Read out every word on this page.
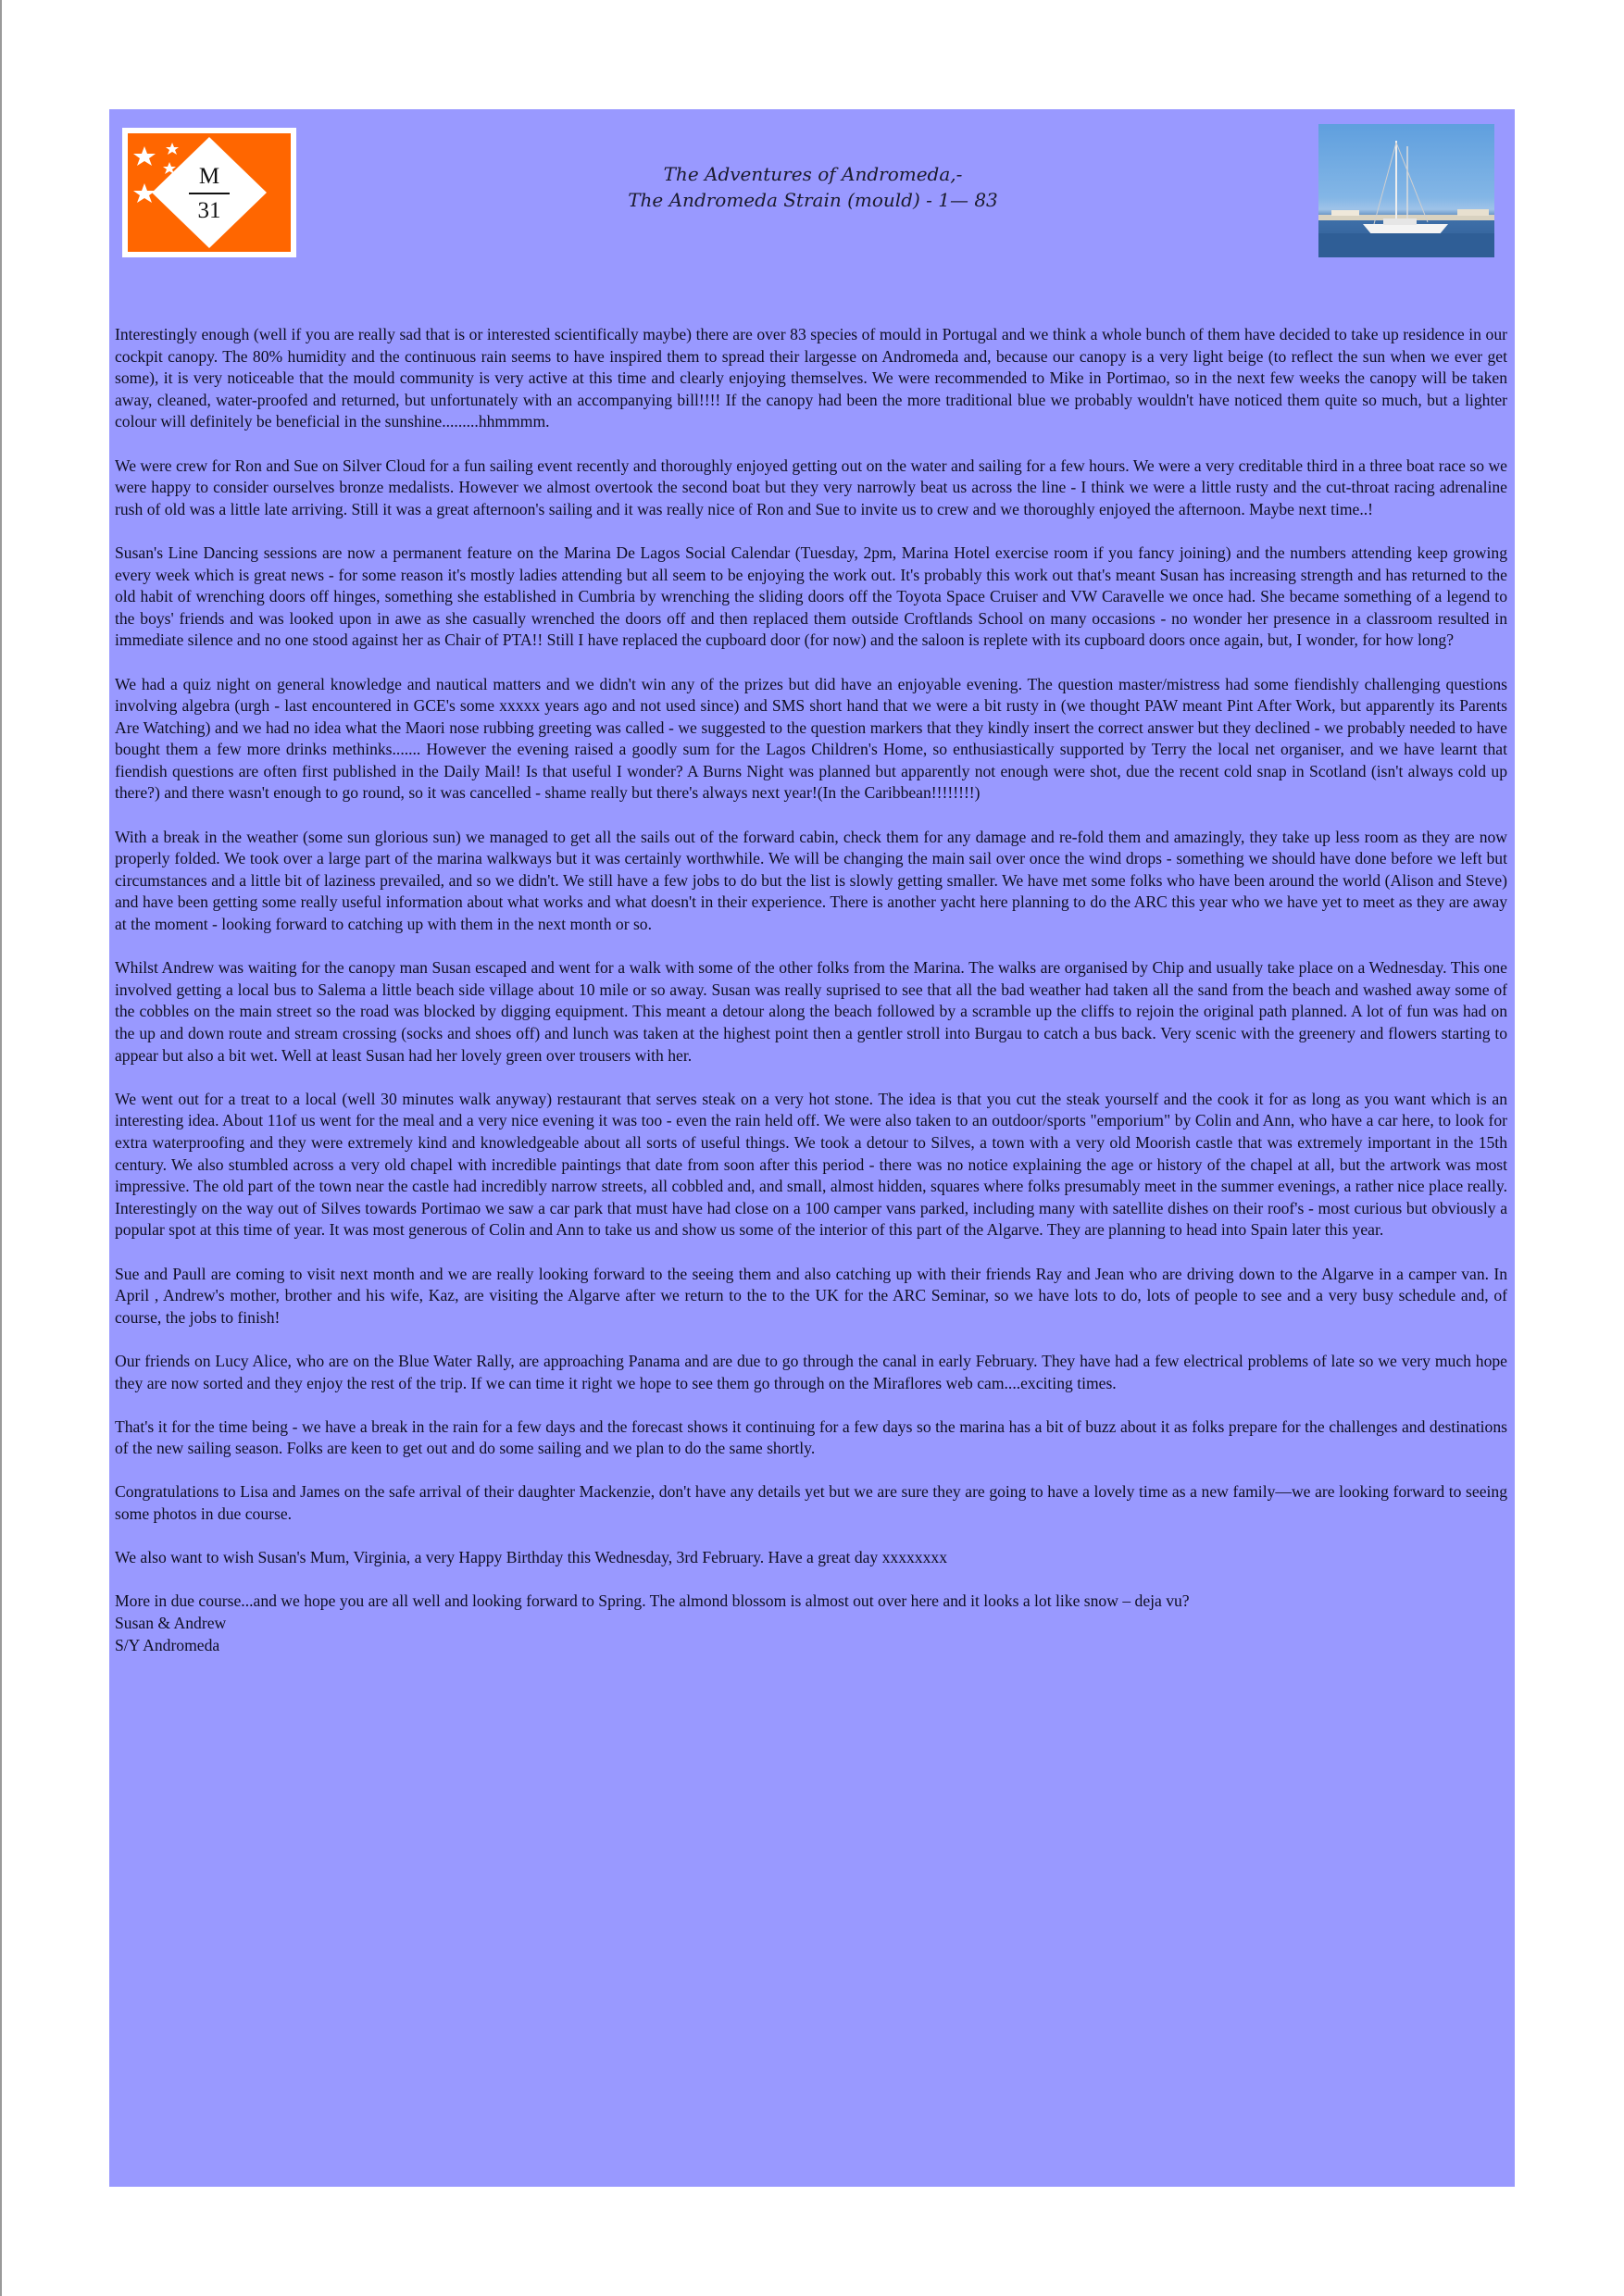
M
31
The Adventures of Andromeda,-
The Andromeda Strain (mould) - 1— 83

Interestingly enough (well if you are really sad that is or interested scientifically maybe) there are over 83 species of mould in Portugal and we think a whole bunch of them have decided to take up residence in our cockpit canopy. The 80% humidity and the continuous rain seems to have inspired them to spread their largesse on Andromeda and, because our canopy is a very light beige (to reflect the sun when we ever get some), it is very noticeable that the mould community is very active at this time and clearly enjoying themselves. We were recommended to Mike in Portimao, so in the next few weeks the canopy will be taken away, cleaned, water-proofed and returned, but unfortunately with an accompanying bill!!!! If the canopy had been the more traditional blue we probably wouldn't have noticed them quite so much, but a lighter colour will definitely be beneficial in the sunshine.........hhmmmm.

We were crew for Ron and Sue on Silver Cloud for a fun sailing event recently and thoroughly enjoyed getting out on the water and sailing for a few hours. We were a very creditable third in a three boat race so we were happy to consider ourselves bronze medalists. However we almost overtook the second boat but they very narrowly beat us across the line - I think we were a little rusty and the cut-throat racing adrenaline rush of old was a little late arriving. Still it was a great afternoon's sailing and it was really nice of Ron and Sue to invite us to crew and we thoroughly enjoyed the afternoon. Maybe next time..!

Susan's Line Dancing sessions are now a permanent feature on the Marina De Lagos Social Calendar (Tuesday, 2pm, Marina Hotel exercise room if you fancy joining) and the numbers attending keep growing every week which is great news - for some reason it's mostly ladies attending but all seem to be enjoying the work out. It's probably this work out that's meant Susan has increasing strength and has returned to the old habit of wrenching doors off hinges, something she established in Cumbria by wrenching the sliding doors off the Toyota Space Cruiser and VW Caravelle we once had. She became something of a legend to the boys' friends and was looked upon in awe as she casually wrenched the doors off and then replaced them outside Croftlands School on many occasions - no wonder her presence in a classroom resulted in immediate silence and no one stood against her as Chair of PTA!! Still I have replaced the cupboard door (for now) and the saloon is replete with its cupboard doors once again, but, I wonder, for how long?

We had a quiz night on general knowledge and nautical matters and we didn't win any of the prizes but did have an enjoyable evening. The question master/mistress had some fiendishly challenging questions involving algebra (urgh - last encountered in GCE's some xxxxx years ago and not used since) and SMS short hand that we were a bit rusty in (we thought PAW meant Pint After Work, but apparently its Parents Are Watching) and we had no idea what the Maori nose rubbing greeting was called - we suggested to the question markers that they kindly insert the correct answer but they declined - we probably needed to have bought them a few more drinks methinks....... However the evening raised a goodly sum for the Lagos Children's Home, so enthusiastically supported by Terry the local net organiser, and we have learnt that fiendish questions are often first published in the Daily Mail! Is that useful I wonder? A Burns Night was planned but apparently not enough were shot, due the recent cold snap in Scotland (isn't always cold up there?) and there wasn't enough to go round, so it was cancelled - shame really but there's always next year!(In the Caribbean!!!!!!!!)

With a break in the weather (some sun glorious sun) we managed to get all the sails out of the forward cabin, check them for any damage and re-fold them and amazingly, they take up less room as they are now properly folded. We took over a large part of the marina walkways but it was certainly worthwhile. We will be changing the main sail over once the wind drops - something we should have done before we left but circumstances and a little bit of laziness prevailed, and so we didn't. We still have a few jobs to do but the list is slowly getting smaller. We have met some folks who have been around the world (Alison and Steve) and have been getting some really useful information about what works and what doesn't in their experience. There is another yacht here planning to do the ARC this year who we have yet to meet as they are away at the moment - looking forward to catching up with them in the next month or so.

Whilst Andrew was waiting for the canopy man Susan escaped and went for a walk with some of the other folks from the Marina. The walks are organised by Chip and usually take place on a Wednesday. This one involved getting a local bus to Salema a little beach side village about 10 mile or so away. Susan was really suprised to see that all the bad weather had taken all the sand from the beach and washed away some of the cobbles on the main street so the road was blocked by digging equipment. This meant a detour along the beach followed by a scramble up the cliffs to rejoin the original path planned. A lot of fun was had on the up and down route and stream crossing (socks and shoes off) and lunch was taken at the highest point then a gentler stroll into Burgau to catch a bus back. Very scenic with the greenery and flowers starting to appear but also a bit wet. Well at least Susan had her lovely green over trousers with her.

We went out for a treat to a local (well 30 minutes walk anyway) restaurant that serves steak on a very hot stone. The idea is that you cut the steak yourself and the cook it for as long as you want which is an interesting idea. About 11of us went for the meal and a very nice evening it was too - even the rain held off. We were also taken to an outdoor/sports "emporium" by Colin and Ann, who have a car here, to look for extra waterproofing and they were extremely kind and knowledgeable about all sorts of useful things. We took a detour to Silves, a town with a very old Moorish castle that was extremely important in the 15th century. We also stumbled across a very old chapel with incredible paintings that date from soon after this period - there was no notice explaining the age or history of the chapel at all, but the artwork was most impressive. The old part of the town near the castle had incredibly narrow streets, all cobbled and, and small, almost hidden, squares where folks presumably meet in the summer evenings, a rather nice place really. Interestingly on the way out of Silves towards Portimao we saw a car park that must have had close on a 100 camper vans parked, including many with satellite dishes on their roof's - most curious but obviously a popular spot at this time of year. It was most generous of Colin and Ann to take us and show us some of the interior of this part of the Algarve. They are planning to head into Spain later this year.

Sue and Paull are coming to visit next month and we are really looking forward to the seeing them and also catching up with their friends Ray and Jean who are driving down to the Algarve in a camper van. In April , Andrew's mother, brother and his wife, Kaz, are visiting the Algarve after we return to the to the UK for the ARC Seminar, so we have lots to do, lots of people to see and a very busy schedule and, of course, the jobs to finish!

Our friends on Lucy Alice, who are on the Blue Water Rally, are approaching Panama and are due to go through the canal in early February. They have had a few electrical problems of late so we very much hope they are now sorted and they enjoy the rest of the trip. If we can time it right we hope to see them go through on the Miraflores web cam....exciting times.

That's it for the time being - we have a break in the rain for a few days and the forecast shows it continuing for a few days so the marina has a bit of buzz about it as folks prepare for the challenges and destinations of the new sailing season. Folks are keen to get out and do some sailing and we plan to do the same shortly.

Congratulations to Lisa and James on the safe arrival of their daughter Mackenzie, don't have any details yet but we are sure they are going to have a lovely time as a new family—we are looking forward to seeing some photos in due course.

We also want to wish Susan's Mum, Virginia, a very Happy Birthday this Wednesday, 3rd February. Have a great day xxxxxxxx

More in due course...and we hope you are all well and looking forward to Spring. The almond blossom is almost out over here and it looks a lot like snow – deja vu?
Susan & Andrew
S/Y Andromeda
